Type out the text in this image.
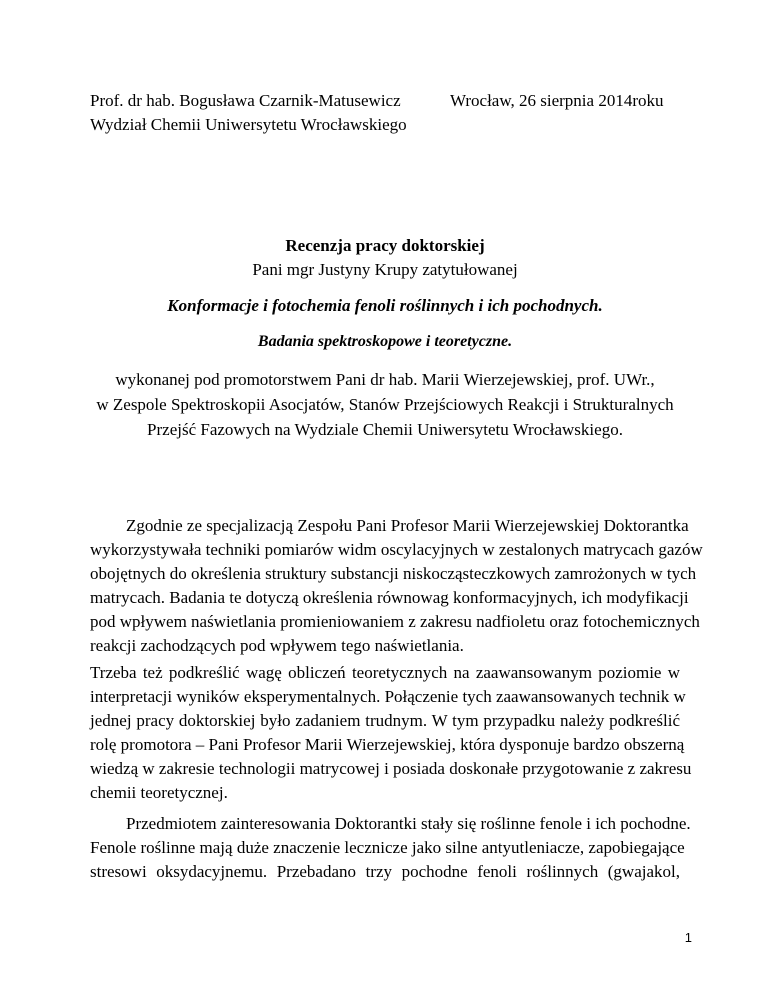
Prof. dr hab. Bogusława Czarnik-Matusewicz
Wydział Chemii Uniwersytetu Wrocławskiego
Wrocław, 26 sierpnia 2014roku
Recenzja pracy doktorskiej
Pani mgr Justyny Krupy zatytułowanej
Konformacje i fotochemia fenoli roślinnych i ich pochodnych.
Badania spektroskopowe i teoretyczne.
wykonanej pod promotorstwem Pani dr hab. Marii Wierzejewskiej, prof. UWr.,
w Zespole Spektroskopii Asocjatów, Stanów Przejściowych Reakcji i Strukturalnych
Przejść Fazowych na Wydziale Chemii Uniwersytetu Wrocławskiego.
Zgodnie ze specjalizacją Zespołu Pani Profesor Marii Wierzejewskiej Doktorantka
wykorzystywała techniki pomiarów widm oscylacyjnych w zestalonych matrycach gazów
obojętnych do określenia struktury substancji niskocząsteczkowych zamrożonych w tych
matrycach. Badania te dotyczą określenia równowag konformacyjnych, ich modyfikacji
pod wpływem naświetlania promieniowaniem z zakresu nadfioletu oraz fotochemicznych
reakcji zachodzących pod wpływem tego naświetlania.
Trzeba też podkreślić wagę obliczeń teoretycznych na zaawansowanym poziomie w
interpretacji wyników eksperymentalnych. Połączenie tych zaawansowanych technik w
jednej pracy doktorskiej było zadaniem trudnym. W tym przypadku należy podkreślić
rolę promotora – Pani Profesor Marii Wierzejewskiej, która dysponuje bardzo obszerną
wiedzą w zakresie technologii matrycowej i posiada doskonałe przygotowanie z zakresu
chemii teoretycznej.
Przedmiotem zainteresowania Doktorantki stały się roślinne fenole i ich pochodne.
Fenole roślinne mają duże znaczenie lecznicze jako silne antyutleniacze, zapobiegające
stresowi oksydacyjnemu. Przebadano trzy pochodne fenoli roślinnych (gwajakol,
1
